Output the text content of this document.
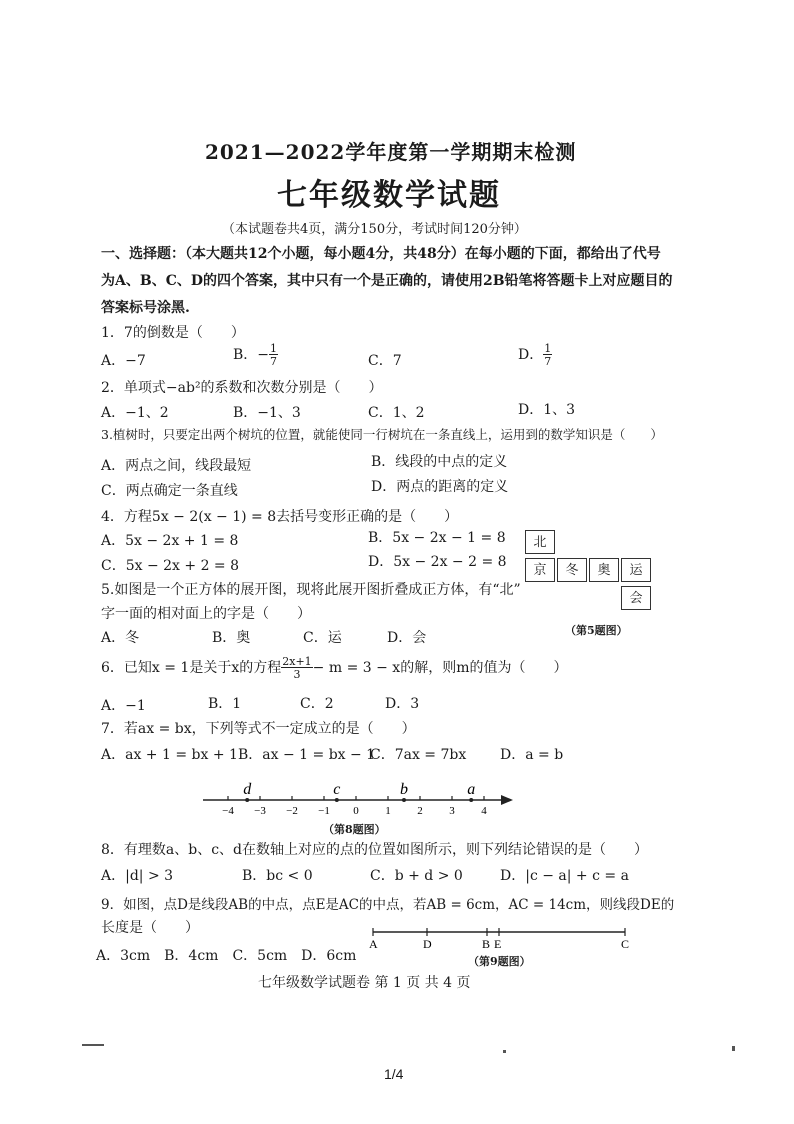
2021—2022学年度第一学期期末检测
七年级数学试题
（本试题卷共4页，满分150分，考试时间120分钟）
一、选择题：（本大题共12个小题，每小题4分，共48分）在每小题的下面，都给出了代号
为A、B、C、D的四个答案，其中只有一个是正确的，请使用2B铅笔将答题卡上对应题目的
答案标号涂黑.
1．7的倒数是（　　）
A．−7	B．− $\frac{1}{7}$	C．7	D． $\frac{1}{7}$
2．单项式−ab²的系数和次数分别是（　　）
A．−1、2	B．−1、3	C．1、2	D．1、3
3.植树时，只要定出两个树坑的位置，就能使同一行树坑在一条直线上，运用到的数学知识是（　　）
A．两点之间，线段最短	B．线段的中点的定义
C．两点确定一条直线	D．两点的距离的定义
4．方程5x − 2(x − 1) = 8去括号变形正确的是（　　）
A．5x − 2x + 1 = 8	B．5x − 2x − 1 = 8
C．5x − 2x + 2 = 8	D．5x − 2x − 2 = 8
北
京	冬	奥	运
会
（第5题图）
5.如图是一个正方体的展开图，现将此展开图折叠成正方体，有“北”
字一面的相对面上的字是（　　）
A．冬	B．奥	C．运	D．会
6．已知x = 1是关于x的方程 $\frac{2x+1}{3} - m = 3 - x$的解，则m的值为（　　）
A．−1	B．1	C．2	D．3
7．若ax = bx，下列等式不一定成立的是（　　）
A．ax + 1 = bx + 1 B．ax − 1 = bx − 1
C．7ax = 7bx D．a = b
−4 −3 −2 −1 0 1 2 3 4
d	c	b	a
（第8题图）
8．有理数a、b、c、d在数轴上对应的点的位置如图所示，则下列结论错误的是（　　）
A．|d| > 3	B．bc < 0	C．b + d > 0	D．|c − a| + c = a
9．如图，点D是线段AB的中点，点E是AC的中点，若AB = 6cm，AC = 14cm，则线段DE的
长度是（　　）
A．3cm　B．4cm　C．5cm　D．6cm
A	D	B E	C
（第9题图）
七年级数学试题卷 第 1 页 共 4 页
1/4
